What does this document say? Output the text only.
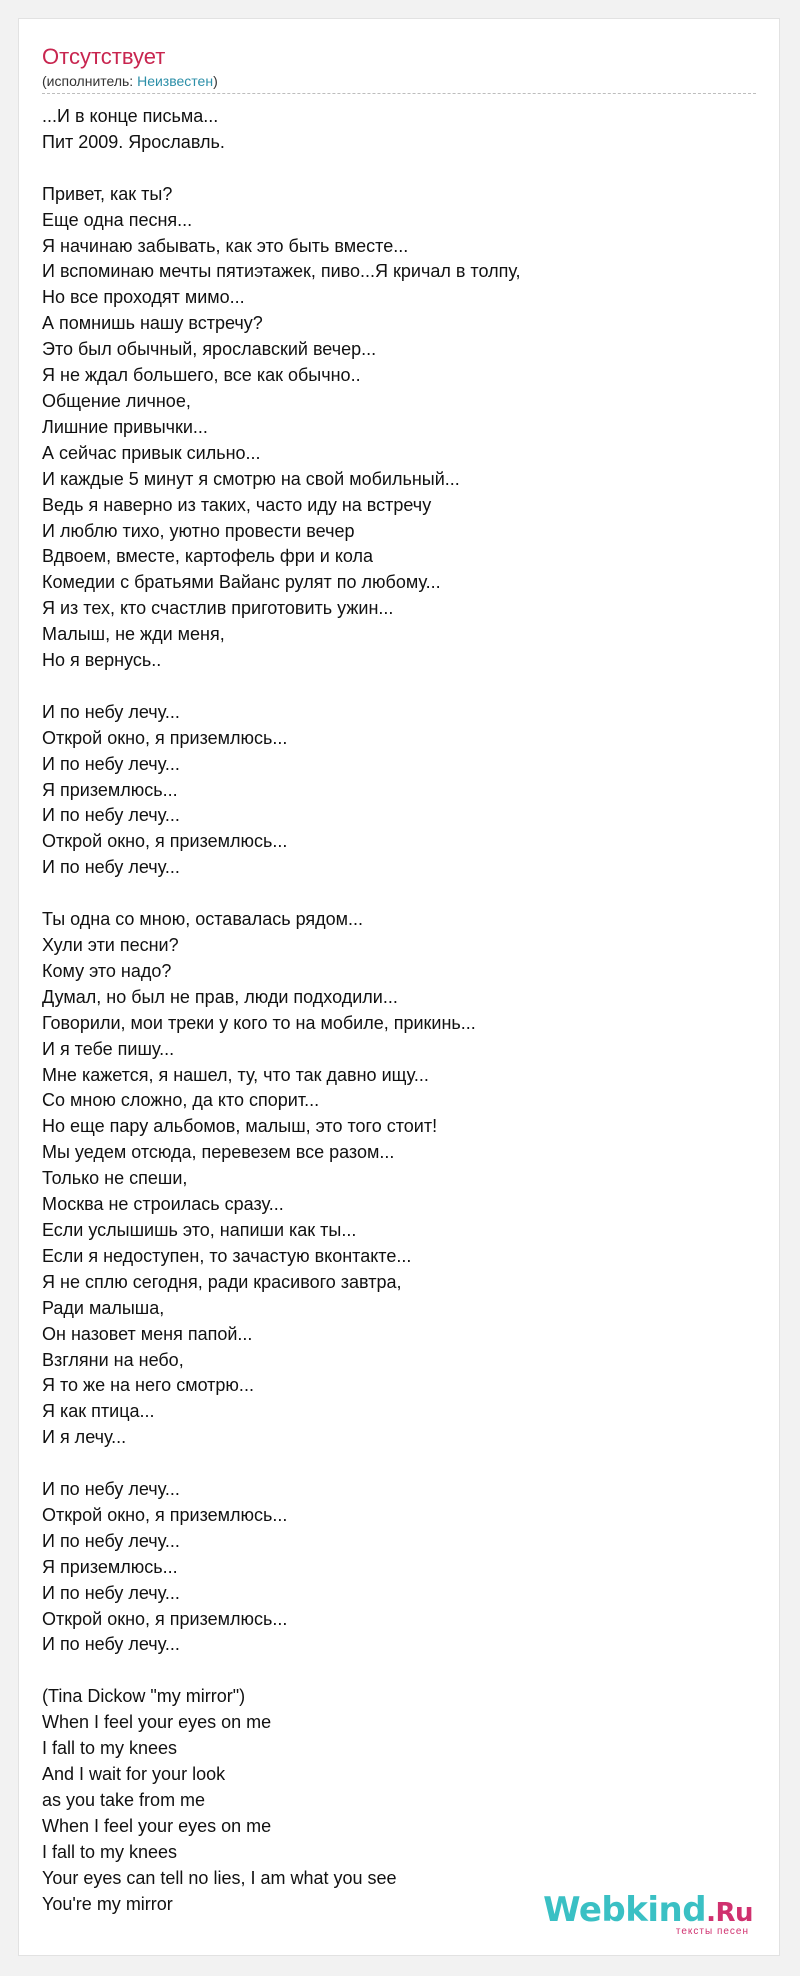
Отсутствует
(исполнитель: Неизвестен)
...И в конце письма...
Пит 2009. Ярославль.

Привет, как ты?
Еще одна песня...
Я начинаю забывать, как это быть вместе...
И вспоминаю мечты пятиэтажек, пиво...Я кричал в толпу,
Но все проходят мимо...
А помнишь нашу встречу?
Это был обычный, ярославский вечер...
Я не ждал большего, все как обычно..
Общение личное,
Лишние привычки...
А сейчас привык сильно...
И каждые 5 минут я смотрю на свой мобильный...
Ведь я наверно из таких, часто иду на встречу
И люблю тихо, уютно провести вечер
Вдвоем, вместе, картофель фри и кола
Комедии с братьями Вайанс рулят по любому...
Я из тех, кто счастлив приготовить ужин...
Малыш, не жди меня,
Но я вернусь..

И по небу лечу...
Открой окно, я приземлюсь...
И по небу лечу...
Я приземлюсь...
И по небу лечу...
Открой окно, я приземлюсь...
И по небу лечу...

Ты одна со мною, оставалась рядом...
Хули эти песни?
Кому это надо?
Думал, но был не прав, люди подходили...
Говорили, мои треки у кого то на мобиле, прикинь...
И я тебе пишу...
Мне кажется, я нашел, ту, что так давно ищу...
Со мною сложно, да кто спорит...
Но еще пару альбомов, малыш, это того стоит!
Мы уедем отсюда, перевезем все разом...
Только не спеши,
Москва не строилась сразу...
Если услышишь это, напиши как ты...
Если я недоступен, то зачастую вконтакте...
Я не сплю сегодня, ради красивого завтра,
Ради малыша,
Он назовет меня папой...
Взгляни на небо,
Я то же на него смотрю...
Я как птица...
И я лечу...

И по небу лечу...
Открой окно, я приземлюсь...
И по небу лечу...
Я приземлюсь...
И по небу лечу...
Открой окно, я приземлюсь...
И по небу лечу...

(Tina Dickow "my mirror")
When I feel your eyes on me
I fall to my knees
And I wait for your look
as you take from me
When I feel your eyes on me
I fall to my knees
Your eyes can tell no lies, I am what you see
You're my mirror	Webkind.Ru
тексты песен
